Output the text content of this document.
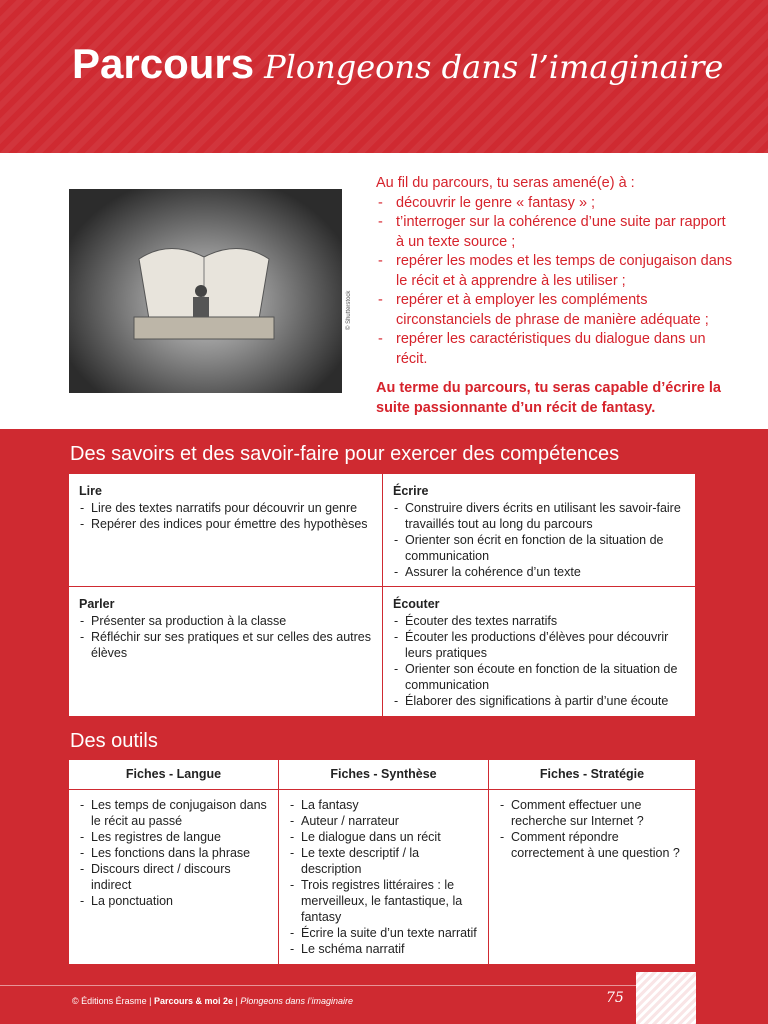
Parcours Plongeons dans l’imaginaire
© Shutterstock

Au fil du parcours, tu seras amené(e) à :

- découvrir le genre « fantasy » ;
- t’interroger sur la cohérence d’une suite par rapport à un texte source ;
- repérer les modes et les temps de conjugaison dans le récit et à apprendre à les utiliser ;
- repérer et à employer les compléments circonstanciels de phrase de manière adéquate ;
- repérer les caractéristiques du dialogue dans un récit.

Au terme du parcours, tu seras capable d’écrire la suite passionnante d’un récit de fantasy.

Des savoirs et des savoir-faire pour exercer des compétences
Lire
- Lire des textes narratifs pour découvrir un genre
- Repérer des indices pour émettre des hypothèses
Écrire
- Construire divers écrits en utilisant les savoir-faire travaillés tout au long du parcours
- Orienter son écrit en fonction de la situation de communication
- Assurer la cohérence d’un texte
Parler
- Présenter sa production à la classe
- Réfléchir sur ses pratiques et sur celles des autres élèves
Écouter
- Écouter des textes narratifs
- Écouter les productions d’élèves pour découvrir leurs pratiques
- Orienter son écoute en fonction de la situation de communication
- Élaborer des significations à partir d’une écoute
Des outils
Fiches - Langue
- Les temps de conjugaison dans le récit au passé
- Les registres de langue
- Les fonctions dans la phrase
- Discours direct / discours indirect
- La ponctuation
Fiches - Synthèse
- La fantasy
- Auteur / narrateur
- Le dialogue dans un récit
- Le texte descriptif / la description
- Trois registres littéraires : le merveilleux, le fantastique, la fantasy
- Écrire la suite d’un texte narratif
- Le schéma narratif
Fiches - Stratégie
- Comment effectuer une recherche sur Internet ?
- Comment répondre correctement à une question ?
© Éditions Érasme | Parcours & moi 2e | Plongeons dans l’imaginaire	75
